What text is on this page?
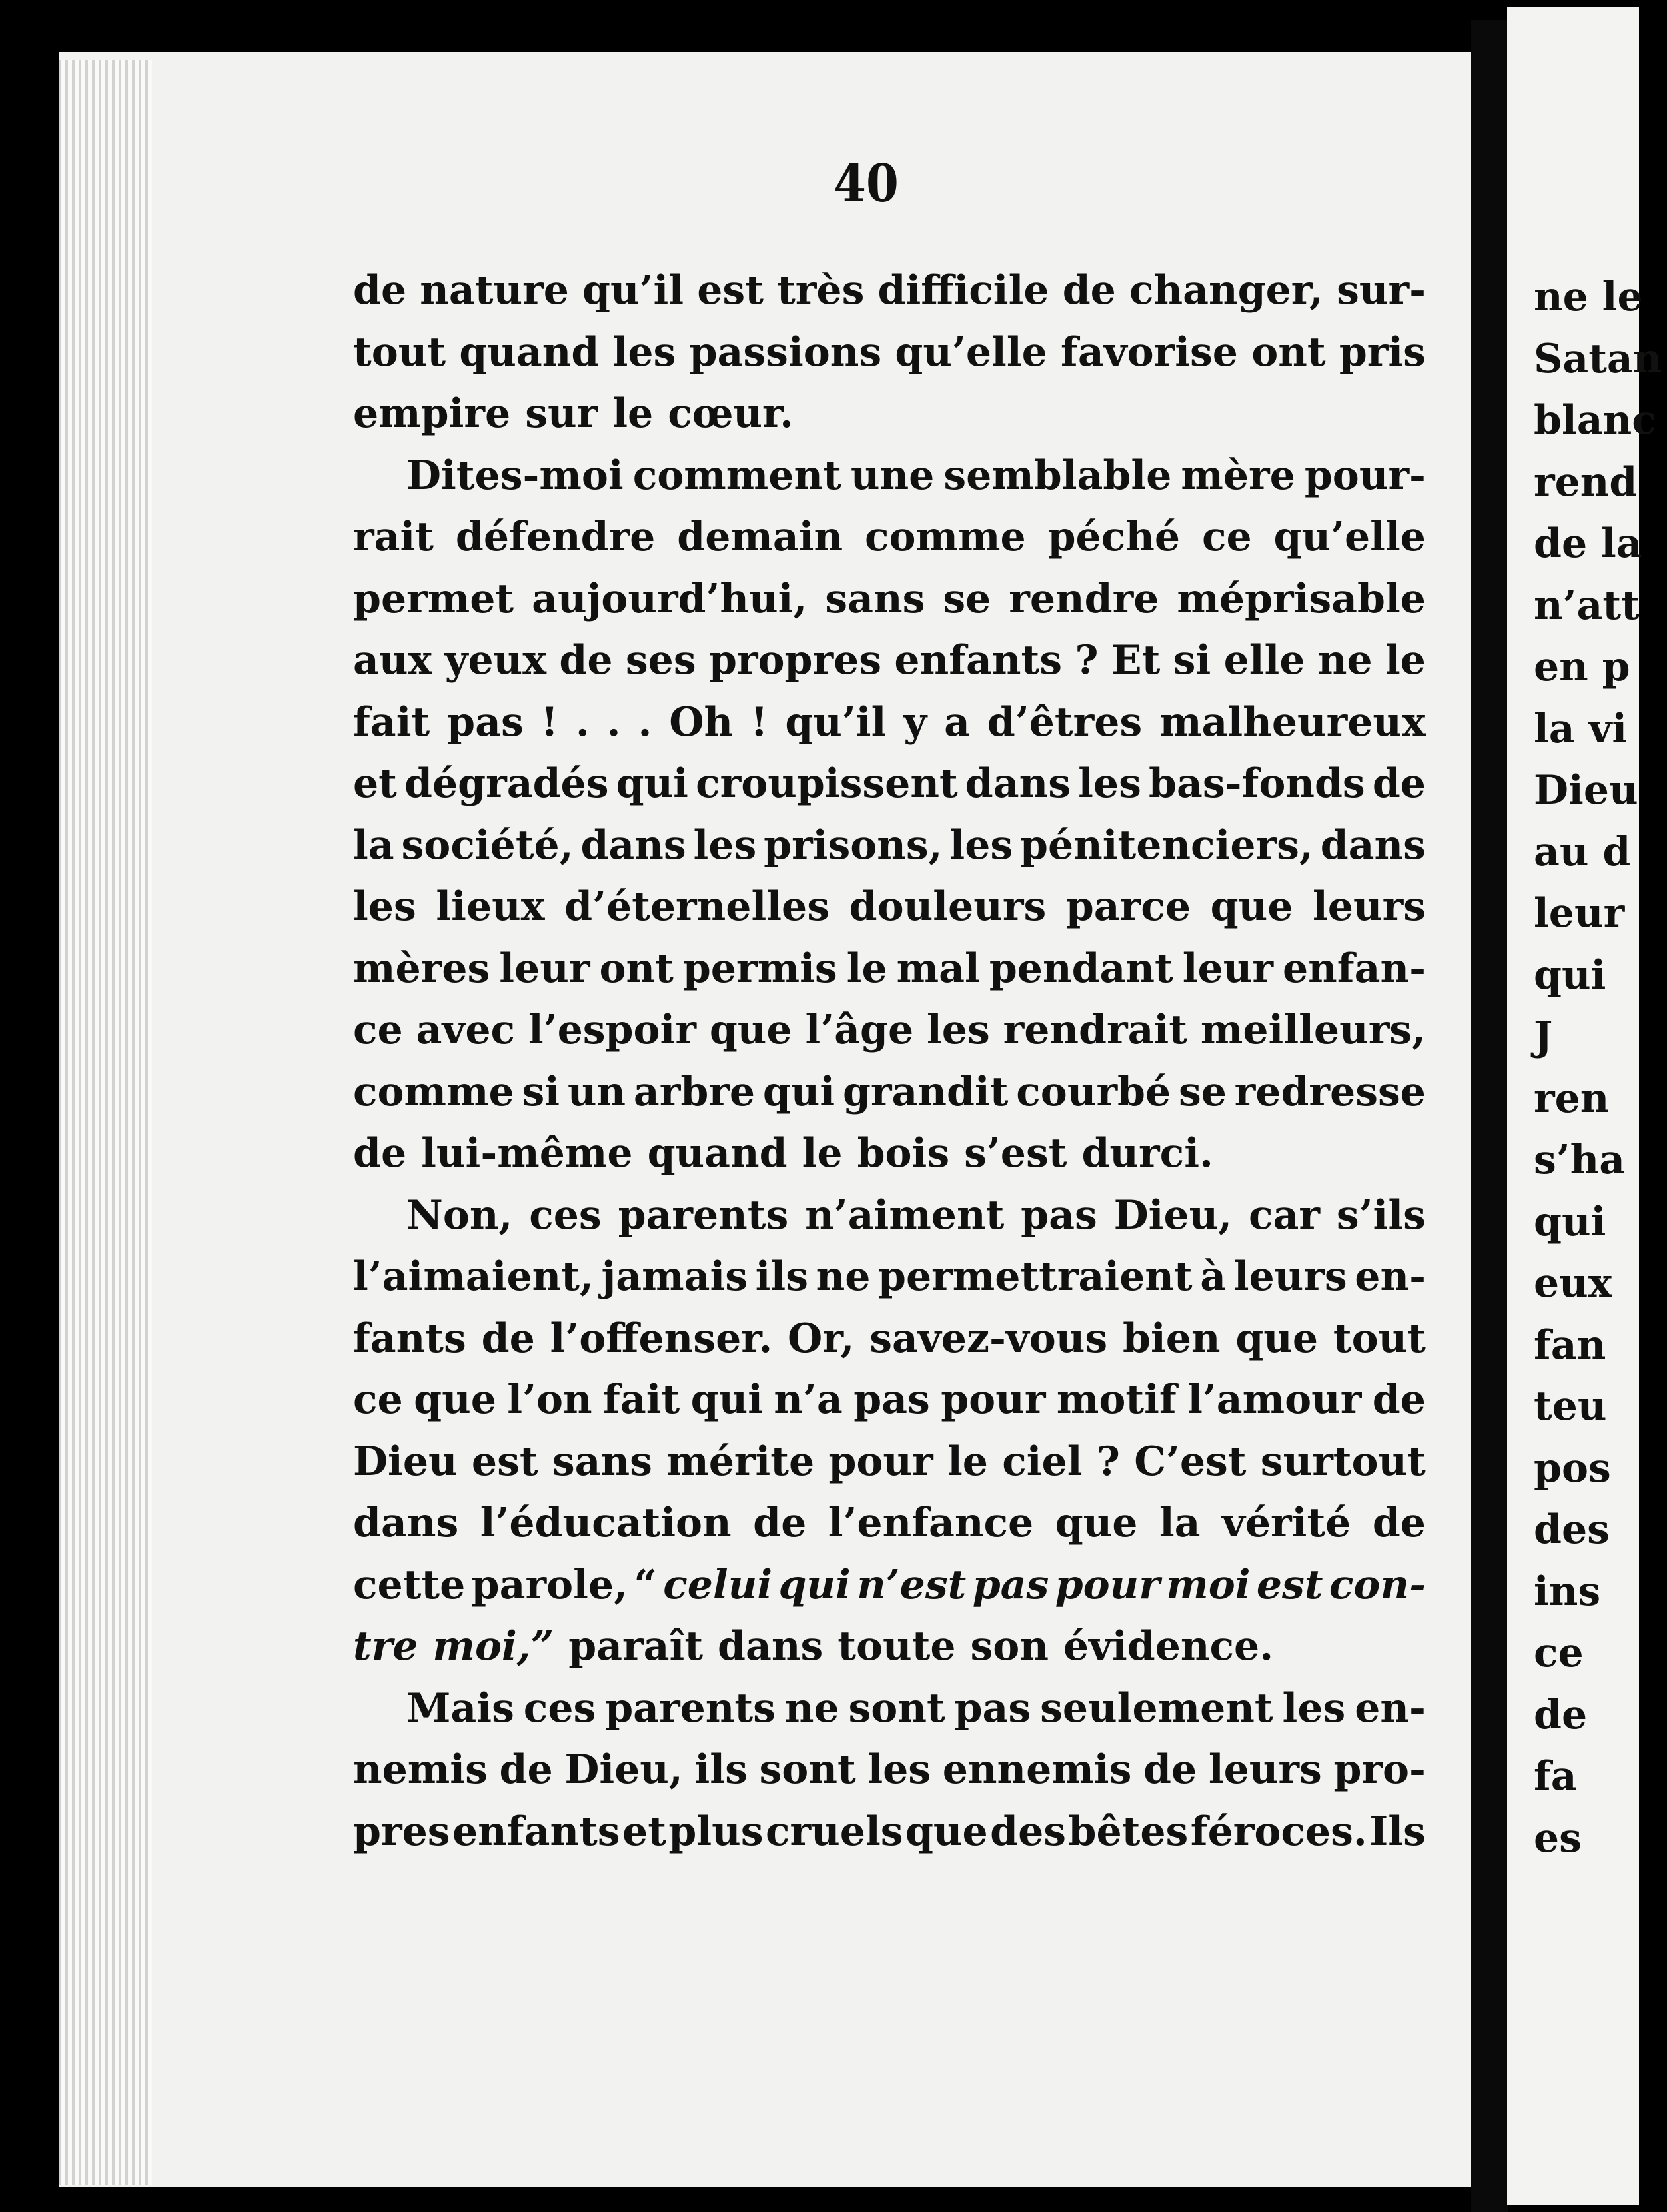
ne le
Satan
blanc
rend
de la
n’att
en p
la vi
Dieu
au d
leur
qui
J
ren
s’ha
qui
eux
fan
teu
pos
des
ins
ce
de
fa
es
40
de nature qu’il est très difficile de changer, sur-
tout quand les passions qu’elle favorise ont pris
empire sur le cœur.
Dites-moi comment une semblable mère pour-
rait défendre demain comme péché ce qu’elle
permet aujourd’hui, sans se rendre méprisable
aux yeux de ses propres enfants ? Et si elle ne le
fait pas ! . . . Oh ! qu’il y a d’êtres malheureux
et dégradés qui croupissent dans les bas-fonds de
la société, dans les prisons, les pénitenciers, dans
les lieux d’éternelles douleurs parce que leurs
mères leur ont permis le mal pendant leur enfan-
ce avec l’espoir que l’âge les rendrait meilleurs,
comme si un arbre qui grandit courbé se redresse
de lui-même quand le bois s’est durci.
Non, ces parents n’aiment pas Dieu, car s’ils
l’aimaient, jamais ils ne permettraient à leurs en-
fants de l’offenser. Or, savez-vous bien que tout
ce que l’on fait qui n’a pas pour motif l’amour de
Dieu est sans mérite pour le ciel ? C’est surtout
dans l’éducation de l’enfance que la vérité de
cette parole, “ celui qui n’est pas pour moi est con-
tre moi,” paraît dans toute son évidence.
Mais ces parents ne sont pas seulement les en-
nemis de Dieu, ils sont les ennemis de leurs pro-
pres enfants et plus cruels que des bêtes féroces. Ils
